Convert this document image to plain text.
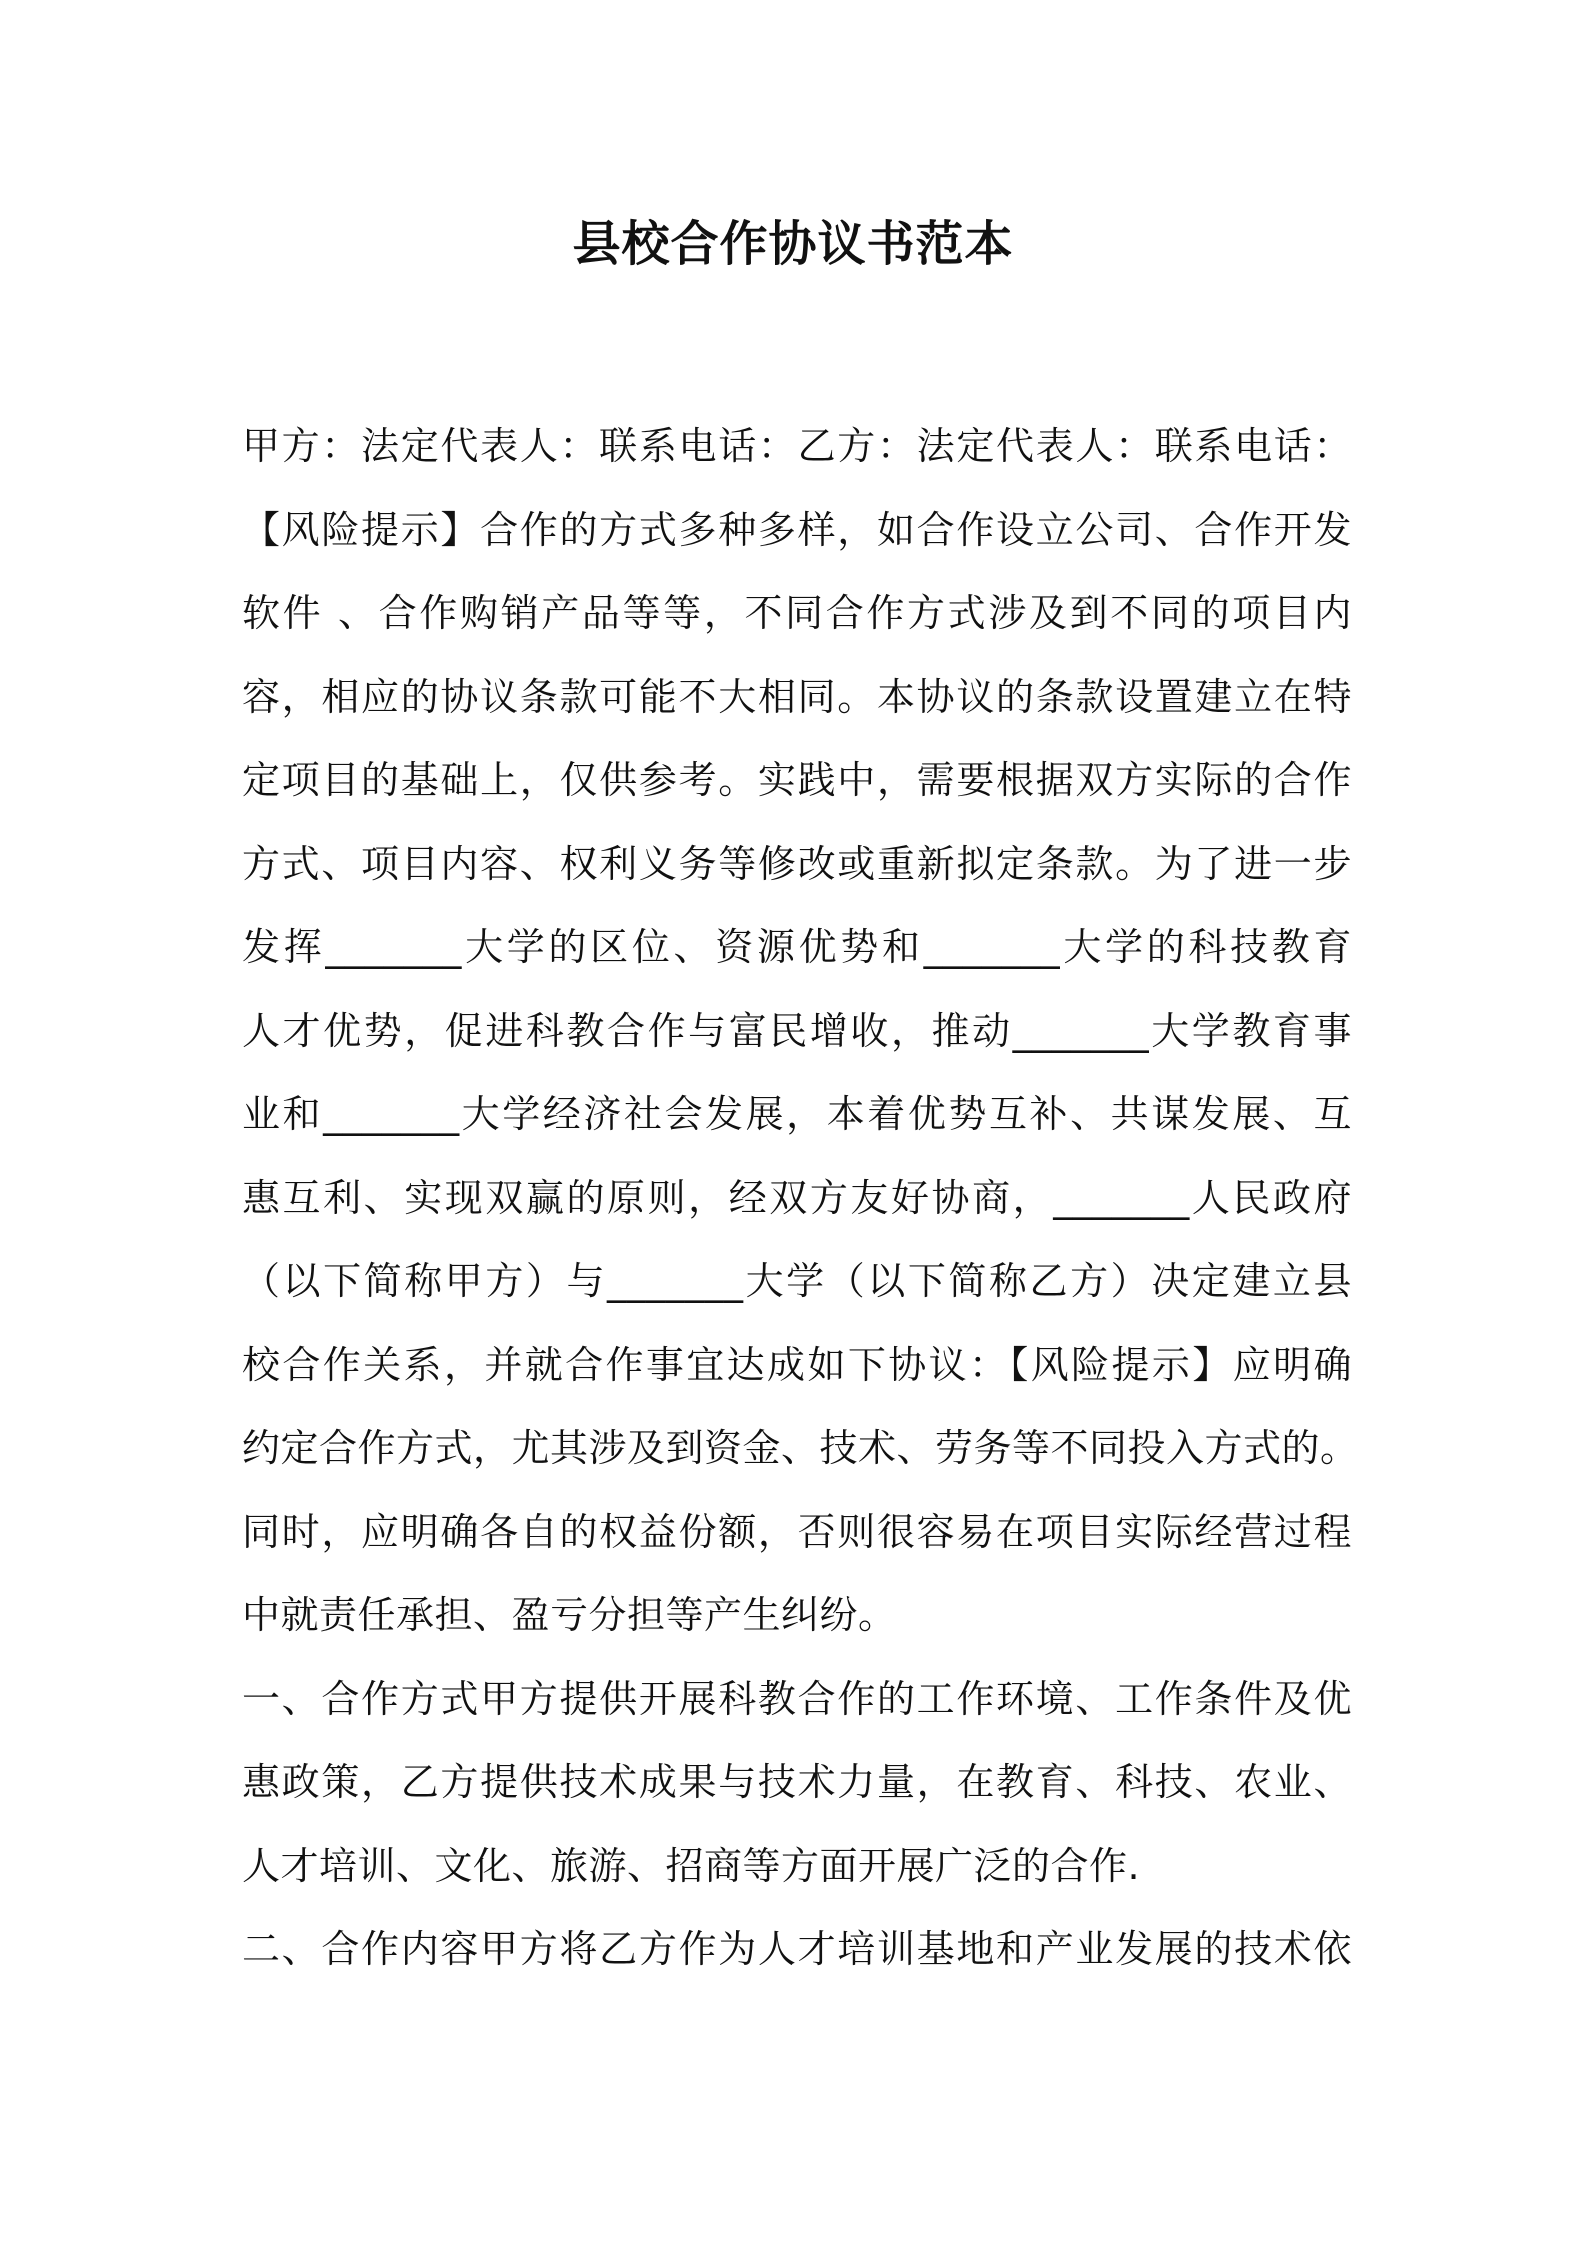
县校合作协议书范本
甲方：法定代表人：联系电话：乙方：法定代表人：联系电话：
【风险提示】合作的方式多种多样，如合作设立公司、合作开发
软件 、合作购销产品等等，不同合作方式涉及到不同的项目内
容，相应的协议条款可能不大相同。本协议的条款设置建立在特
定项目的基础上，仅供参考。实践中，需要根据双方实际的合作
方式、项目内容、权利义务等修改或重新拟定条款。为了进一步
发挥_______大学的区位、资源优势和_______大学的科技教育
人才优势，促进科教合作与富民增收，推动_______大学教育事
业和_______大学经济社会发展，本着优势互补、共谋发展、互
惠互利、实现双赢的原则，经双方友好协商，_______人民政府
（以下简称甲方）与_______大学（以下简称乙方）决定建立县
校合作关系，并就合作事宜达成如下协议：【风险提示】应明确
约定合作方式，尤其涉及到资金、技术、劳务等不同投入方式的。
同时，应明确各自的权益份额，否则很容易在项目实际经营过程
中就责任承担、盈亏分担等产生纠纷。
一、合作方式甲方提供开展科教合作的工作环境、工作条件及优
惠政策，乙方提供技术成果与技术力量，在教育、科技、农业、
人才培训、文化、旅游、招商等方面开展广泛的合作.
二、合作内容甲方将乙方作为人才培训基地和产业发展的技术依
